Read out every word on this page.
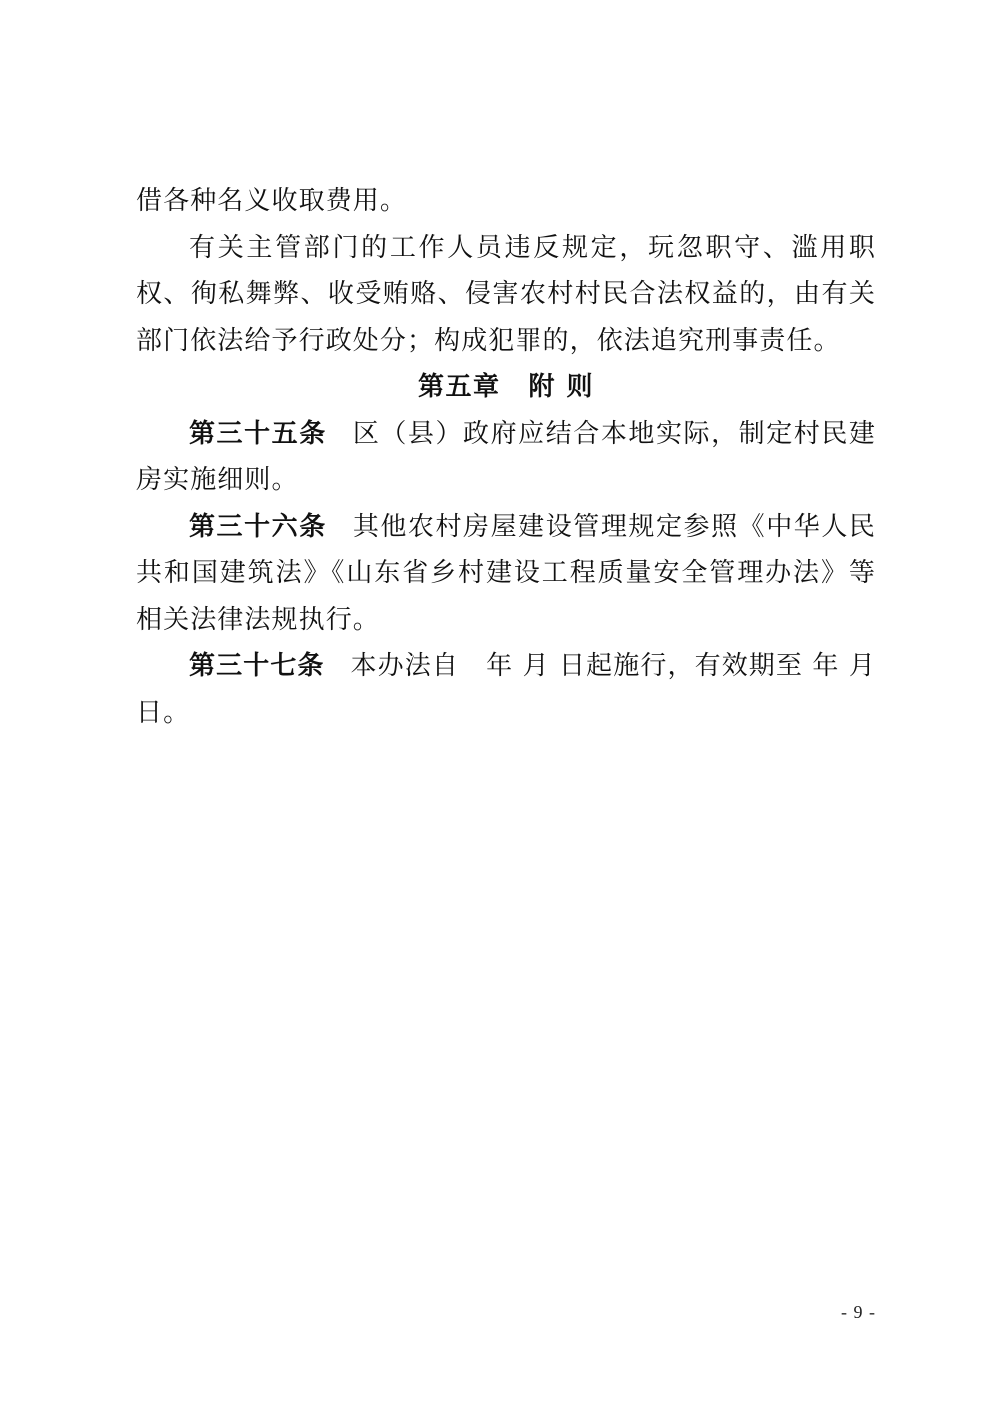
借各种名义收取费用。

有关主管部门的工作人员违反规定，玩忽职守、滥用职权、徇私舞弊、收受贿赂、侵害农村村民合法权益的，由有关部门依法给予行政处分；构成犯罪的，依法追究刑事责任。

第五章 附 则

第三十五条 区（县）政府应结合本地实际，制定村民建房实施细则。

第三十六条 其他农村房屋建设管理规定参照《中华人民共和国建筑法》《山东省乡村建设工程质量安全管理办法》等相关法律法规执行。

第三十七条 本办法自　年 月 日起施行，有效期至 年 月日。

- 9 -
